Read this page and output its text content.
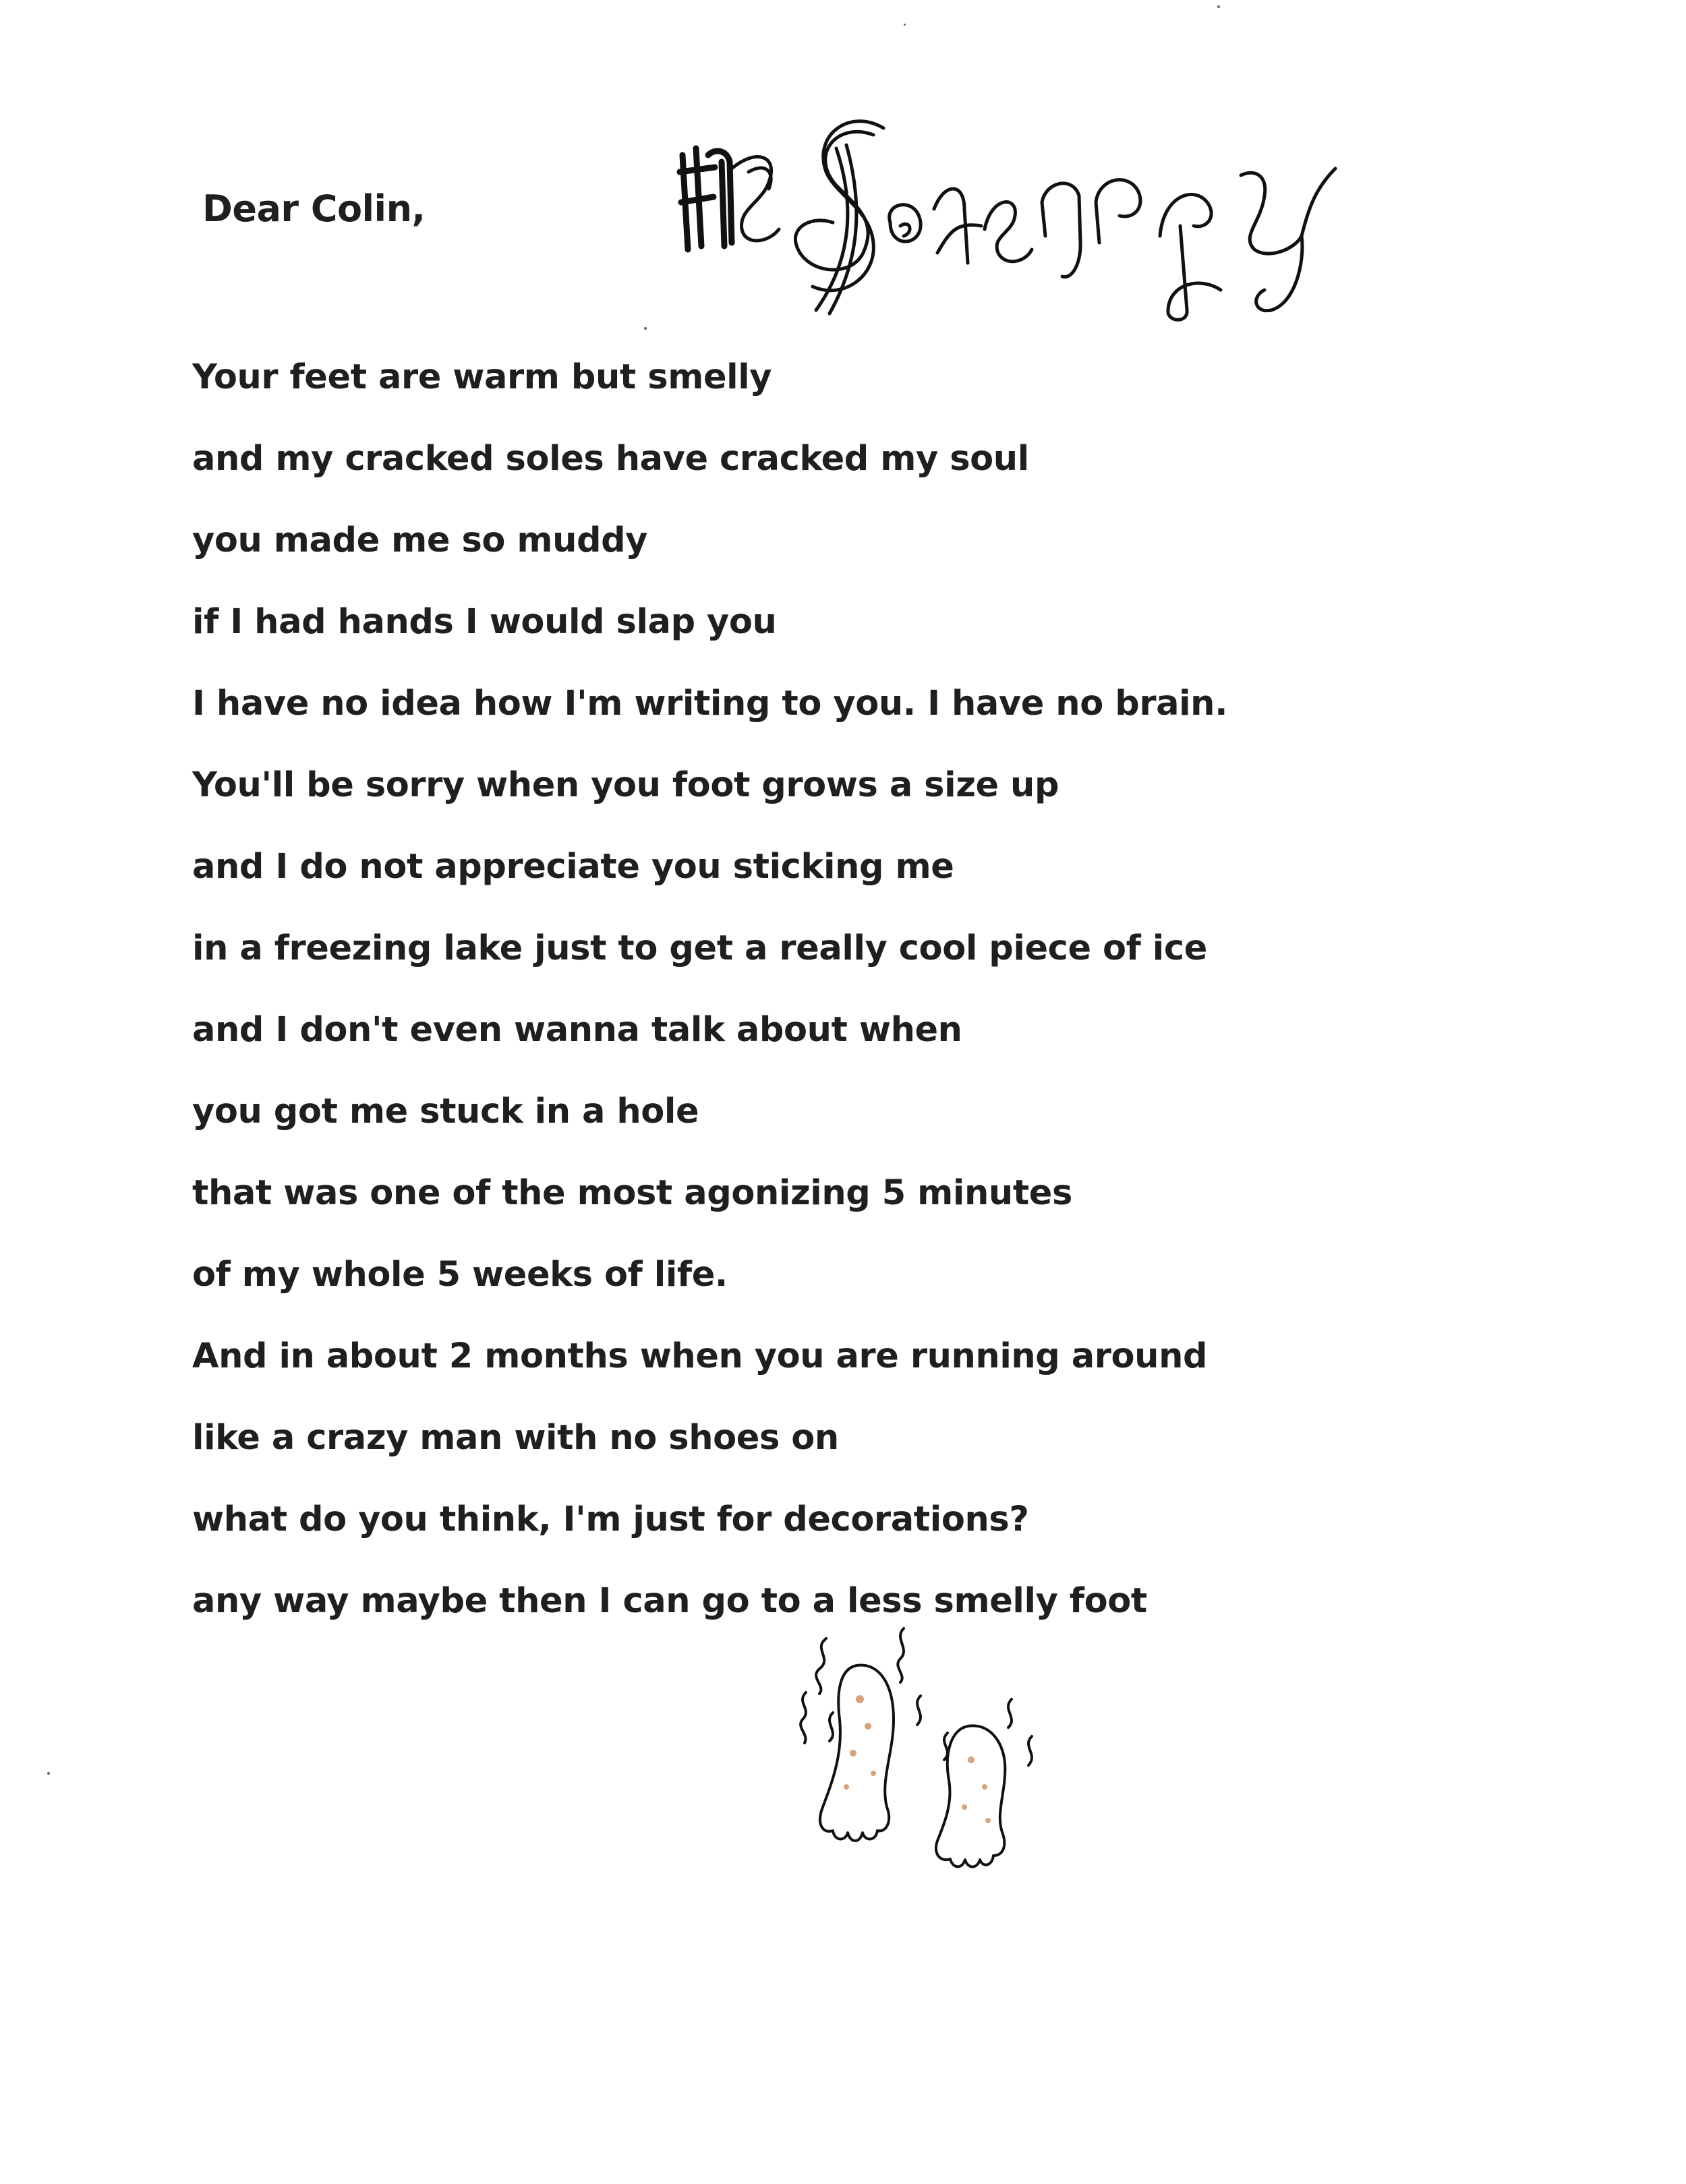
Dear Colin,
Your feet are warm but smelly
and my cracked soles have cracked my soul
you made me so muddy
if I had hands I would slap you
I have no idea how I'm writing to you. I have no brain.
You'll be sorry when you foot grows a size up
and I do not appreciate you sticking me
in a freezing lake just to get a really cool piece of ice
and I don't even wanna talk about when
you got me stuck in a hole
that was one of the most agonizing 5 minutes
of my whole 5 weeks of life.
And in about 2 months when you are running around
like a crazy man with no shoes on
what do you think, I'm just for decorations?
any way maybe then I can go to a less smelly foot
